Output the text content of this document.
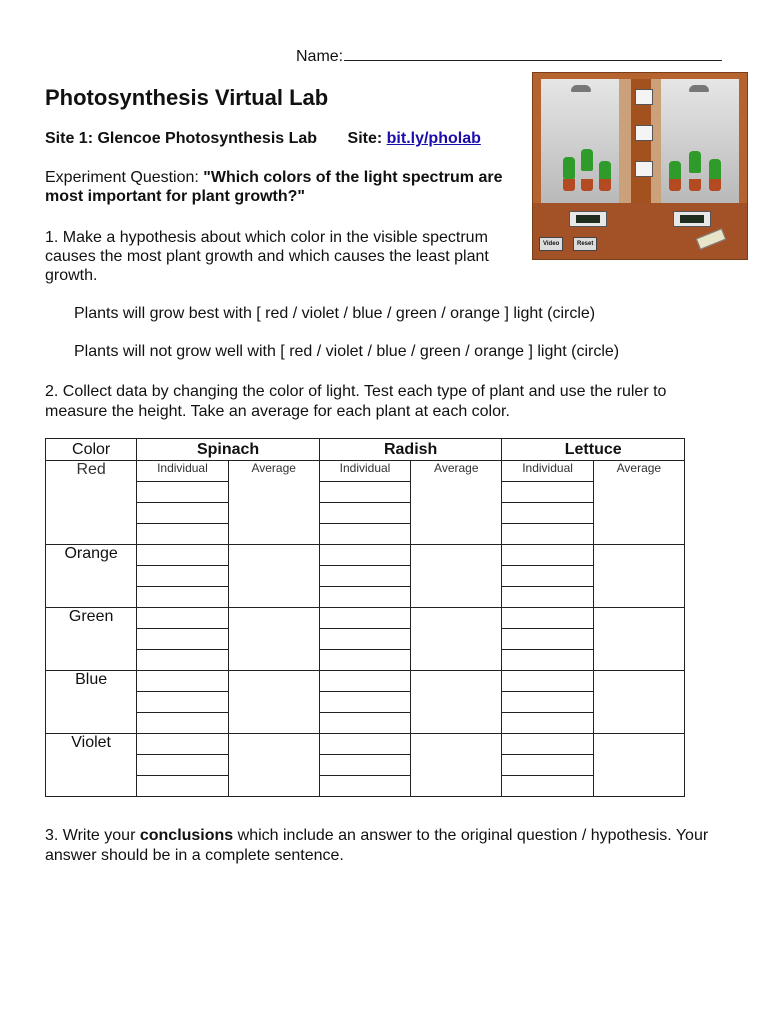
Name:
Photosynthesis Virtual Lab
Site 1: Glencoe Photosynthesis Lab Site: bit.ly/pholab
Experiment Question: "Which colors of the light spectrum are most important for plant growth?"
Video	Reset
1. Make a hypothesis about which color in the visible spectrum causes the most plant growth and which causes the least plant growth.
Plants will grow best with [ red / violet / blue / green / orange ] light (circle)
Plants will not grow well with [ red / violet / blue / green / orange ] light (circle)
2. Collect data by changing the color of light. Test each type of plant and use the ruler to measure the height. Take an average for each plant at each color.
Color	Spinach		Radish		Lettuce	
Red	Individual	Average	Individual	Average	Individual	Average

Orange						

Green						

Blue						

Violet						

3. Write your conclusions which include an answer to the original question / hypothesis. Your answer should be in a complete sentence.
